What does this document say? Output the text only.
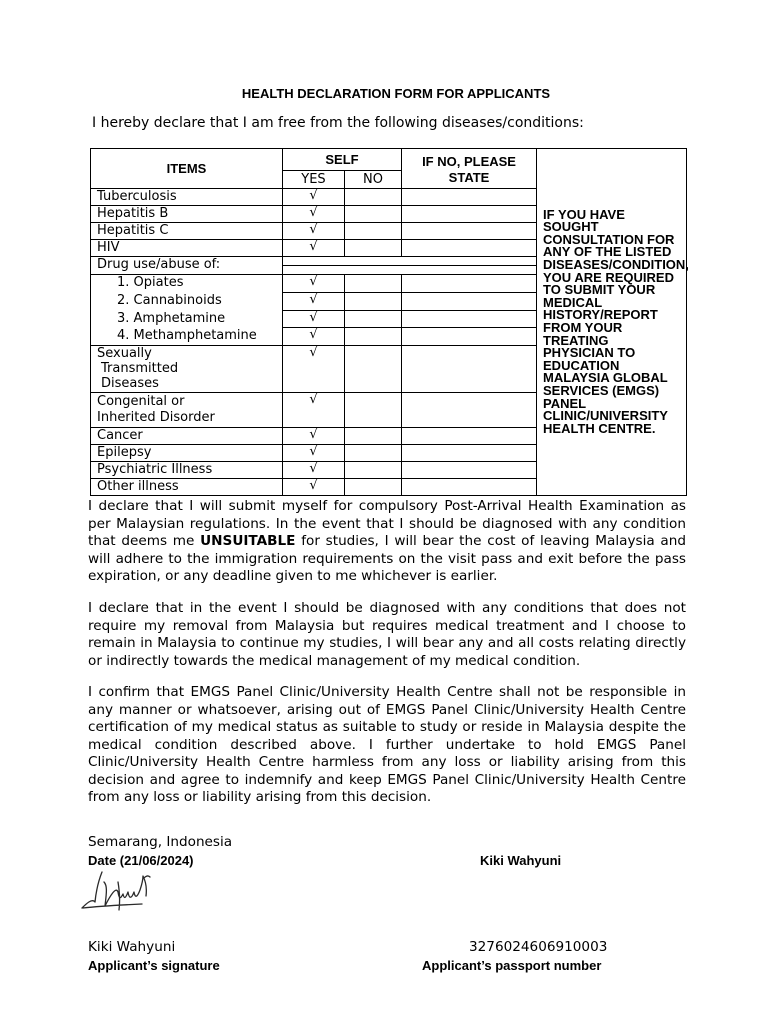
HEALTH DECLARATION FORM FOR APPLICANTS
I hereby declare that I am free from the following diseases/conditions:
ITEMS	SELF		IF NO, PLEASE STATE	IF YOU HAVE SOUGHT CONSULTATION FOR ANY OF THE LISTED DISEASES/CONDITION, YOU ARE REQUIRED TO SUBMIT YOUR MEDICAL HISTORY/REPORT FROM YOUR TREATING PHYSICIAN TO EDUCATION MALAYSIA GLOBAL SERVICES (EMGS) PANEL CLINIC/UNIVERSITY HEALTH CENTRE.
	YES	NO		
Tuberculosis	√			
Hepatitis B	√			
Hepatitis C	√			
HIV	√			
Drug use/abuse of:				

1. Opiates	√			
2. Cannabinoids	√			
3. Amphetamine	√			
4. Methamphetamine	√			

Sexually
Transmitted
Diseases	√			

Congenital or
Inherited Disorder	√			
Cancer	√			
Epilepsy	√			
Psychiatric Illness	√			
Other illness	√			

I declare that I will submit myself for compulsory Post-Arrival Health Examination as per Malaysian regulations. In the event that I should be diagnosed with any condition that deems me UNSUITABLE for studies, I will bear the cost of leaving Malaysia and will adhere to the immigration requirements on the visit pass and exit before the pass expiration, or any deadline given to me whichever is earlier.

I declare that in the event I should be diagnosed with any conditions that does not require my removal from Malaysia but requires medical treatment and I choose to remain in Malaysia to continue my studies, I will bear any and all costs relating directly or indirectly towards the medical management of my medical condition.

I confirm that EMGS Panel Clinic/University Health Centre shall not be responsible in any manner or whatsoever, arising out of EMGS Panel Clinic/University Health Centre certification of my medical status as suitable to study or reside in Malaysia despite the medical condition described above. I further undertake to hold EMGS Panel Clinic/University Health Centre harmless from any loss or liability arising from this decision and agree to indemnify and keep EMGS Panel Clinic/University Health Centre from any loss or liability arising from this decision.

Semarang, Indonesia
Date (21/06/2024)	Kiki Wahyuni
Kiki Wahyuni	3276024606910003
Applicant’s signature	Applicant’s passport number
